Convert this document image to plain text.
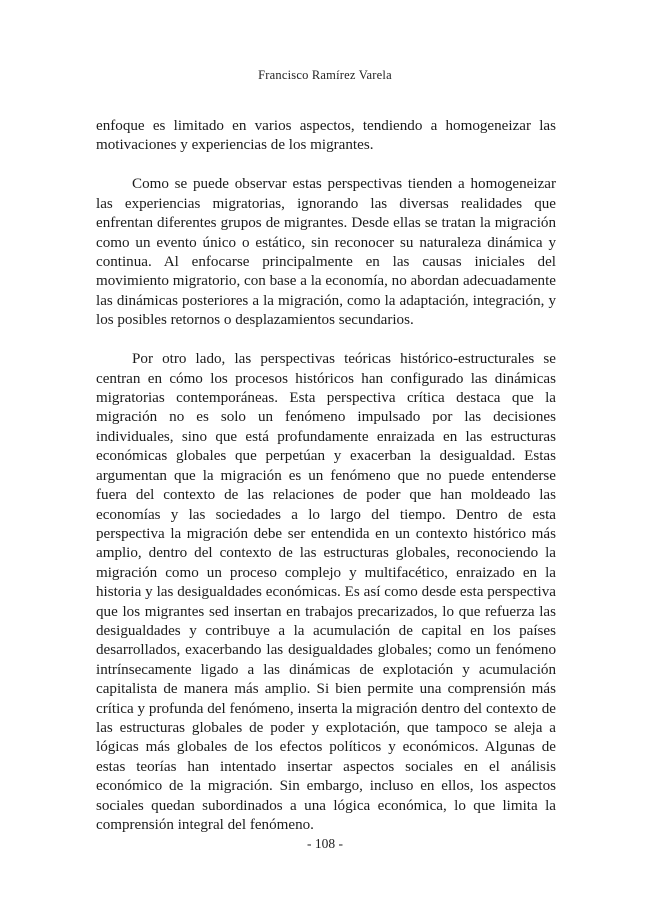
Francisco Ramírez Varela

enfoque es limitado en varios aspectos, tendiendo a homogeneizar las motivaciones y experiencias de los migrantes.

Como se puede observar estas perspectivas tienden a homogeneizar las experiencias migratorias, ignorando las diversas realidades que enfrentan diferentes grupos de migrantes. Desde ellas se tratan la migración como un evento único o estático, sin reconocer su naturaleza dinámica y continua. Al enfocarse principalmente en las causas iniciales del movimiento migratorio, con base a la economía, no abordan adecuadamente las dinámicas posteriores a la migración, como la adaptación, integración, y los posibles retornos o desplazamientos secundarios.

Por otro lado, las perspectivas teóricas histórico-estructurales se centran en cómo los procesos históricos han configurado las dinámicas migratorias contemporáneas. Esta perspectiva crítica destaca que la migración no es solo un fenómeno impulsado por las decisiones individuales, sino que está profundamente enraizada en las estructuras económicas globales que perpetúan y exacerban la desigualdad. Estas argumentan que la migración es un fenómeno que no puede entenderse fuera del contexto de las relaciones de poder que han moldeado las economías y las sociedades a lo largo del tiempo. Dentro de esta perspectiva la migración debe ser entendida en un contexto histórico más amplio, dentro del contexto de las estructuras globales, reconociendo la migración como un proceso complejo y multifacético, enraizado en la historia y las desigualdades económicas. Es así como desde esta perspectiva que los migrantes sed insertan en trabajos precarizados, lo que refuerza las desigualdades y contribuye a la acumulación de capital en los países desarrollados, exacerbando las desigualdades globales; como un fenómeno intrínsecamente ligado a las dinámicas de explotación y acumulación capitalista de manera más amplio. Si bien permite una comprensión más crítica y profunda del fenómeno, inserta la migración dentro del contexto de las estructuras globales de poder y explotación, que tampoco se aleja a lógicas más globales de los efectos políticos y económicos. Algunas de estas teorías han intentado insertar aspectos sociales en el análisis económico de la migración. Sin embargo, incluso en ellos, los aspectos sociales quedan subordinados a una lógica económica, lo que limita la comprensión integral del fenómeno.

- 108 -
